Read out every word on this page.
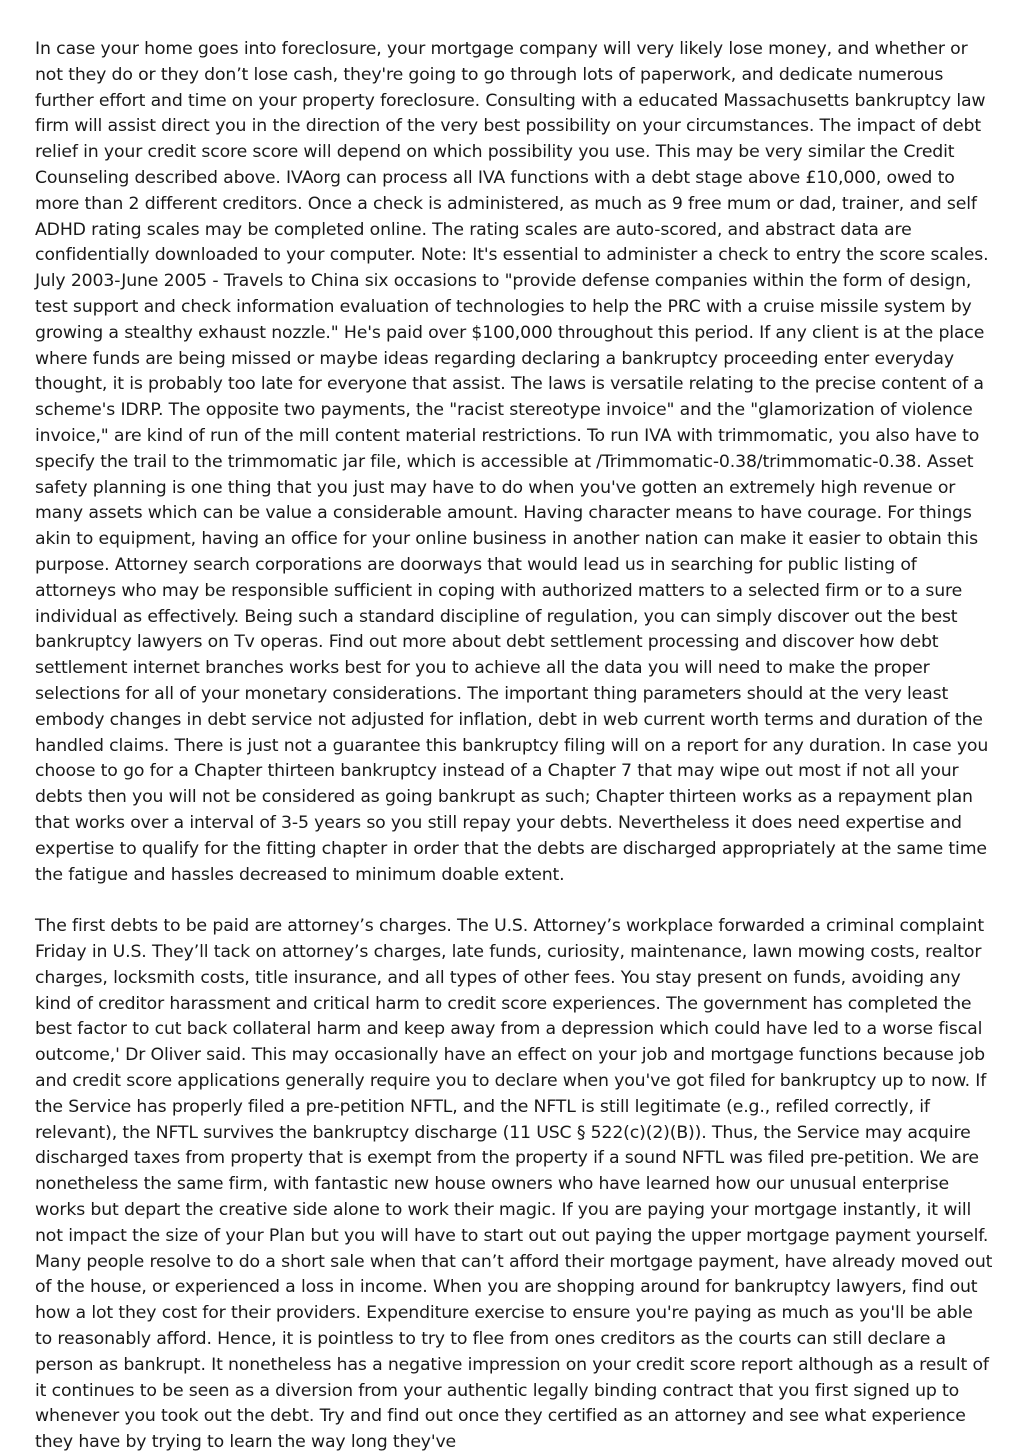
In case your home goes into foreclosure, your mortgage company will very likely lose money, and whether or not they do or they don’t lose cash, they're going to go through lots of paperwork, and dedicate numerous further effort and time on your property foreclosure. Consulting with a educated Massachusetts bankruptcy law firm will assist direct you in the direction of the very best possibility on your circumstances. The impact of debt relief in your credit score score will depend on which possibility you use. This may be very similar the Credit Counseling described above. IVAorg can process all IVA functions with a debt stage above £10,000, owed to more than 2 different creditors. Once a check is administered, as much as 9 free mum or dad, trainer, and self ADHD rating scales may be completed online. The rating scales are auto-scored, and abstract data are confidentially downloaded to your computer. Note: It's essential to administer a check to entry the score scales. July 2003-June 2005 - Travels to China six occasions to "provide defense companies within the form of design, test support and check information evaluation of technologies to help the PRC with a cruise missile system by growing a stealthy exhaust nozzle." He's paid over $100,000 throughout this period. If any client is at the place where funds are being missed or maybe ideas regarding declaring a bankruptcy proceeding enter everyday thought, it is probably too late for everyone that assist. The laws is versatile relating to the precise content of a scheme's IDRP. The opposite two payments, the "racist stereotype invoice" and the "glamorization of violence invoice," are kind of run of the mill content material restrictions. To run IVA with trimmomatic, you also have to specify the trail to the trimmomatic jar file, which is accessible at /Trimmomatic-0.38/trimmomatic-0.38. Asset safety planning is one thing that you just may have to do when you've gotten an extremely high revenue or many assets which can be value a considerable amount. Having character means to have courage. For things akin to equipment, having an office for your online business in another nation can make it easier to obtain this purpose. Attorney search corporations are doorways that would lead us in searching for public listing of attorneys who may be responsible sufficient in coping with authorized matters to a selected firm or to a sure individual as effectively. Being such a standard discipline of regulation, you can simply discover out the best bankruptcy lawyers on Tv operas. Find out more about debt settlement processing and discover how debt settlement internet branches works best for you to achieve all the data you will need to make the proper selections for all of your monetary considerations. The important thing parameters should at the very least embody changes in debt service not adjusted for inflation, debt in web current worth terms and duration of the handled claims. There is just not a guarantee this bankruptcy filing will on a report for any duration. In case you choose to go for a Chapter thirteen bankruptcy instead of a Chapter 7 that may wipe out most if not all your debts then you will not be considered as going bankrupt as such; Chapter thirteen works as a repayment plan that works over a interval of 3-5 years so you still repay your debts. Nevertheless it does need expertise and expertise to qualify for the fitting chapter in order that the debts are discharged appropriately at the same time the fatigue and hassles decreased to minimum doable extent.

The first debts to be paid are attorney’s charges. The U.S. Attorney’s workplace forwarded a criminal complaint Friday in U.S. They’ll tack on attorney’s charges, late funds, curiosity, maintenance, lawn mowing costs, realtor charges, locksmith costs, title insurance, and all types of other fees. You stay present on funds, avoiding any kind of creditor harassment and critical harm to credit score experiences. The government has completed the best factor to cut back collateral harm and keep away from a depression which could have led to a worse fiscal outcome,' Dr Oliver said. This may occasionally have an effect on your job and mortgage functions because job and credit score applications generally require you to declare when you've got filed for bankruptcy up to now. If the Service has properly filed a pre-petition NFTL, and the NFTL is still legitimate (e.g., refiled correctly, if relevant), the NFTL survives the bankruptcy discharge (11 USC § 522(c)(2)(B)). Thus, the Service may acquire discharged taxes from property that is exempt from the property if a sound NFTL was filed pre-petition. We are nonetheless the same firm, with fantastic new house owners who have learned how our unusual enterprise works but depart the creative side alone to work their magic. If you are paying your mortgage instantly, it will not impact the size of your Plan but you will have to start out out paying the upper mortgage payment yourself. Many people resolve to do a short sale when that can’t afford their mortgage payment, have already moved out of the house, or experienced a loss in income. When you are shopping around for bankruptcy lawyers, find out how a lot they cost for their providers. Expenditure exercise to ensure you're paying as much as you'll be able to reasonably afford. Hence, it is pointless to try to flee from ones creditors as the courts can still declare a person as bankrupt. It nonetheless has a negative impression on your credit score report although as a result of it continues to be seen as a diversion from your authentic legally binding contract that you first signed up to whenever you took out the debt. Try and find out once they certified as an attorney and see what experience they have by trying to learn the way long they've
